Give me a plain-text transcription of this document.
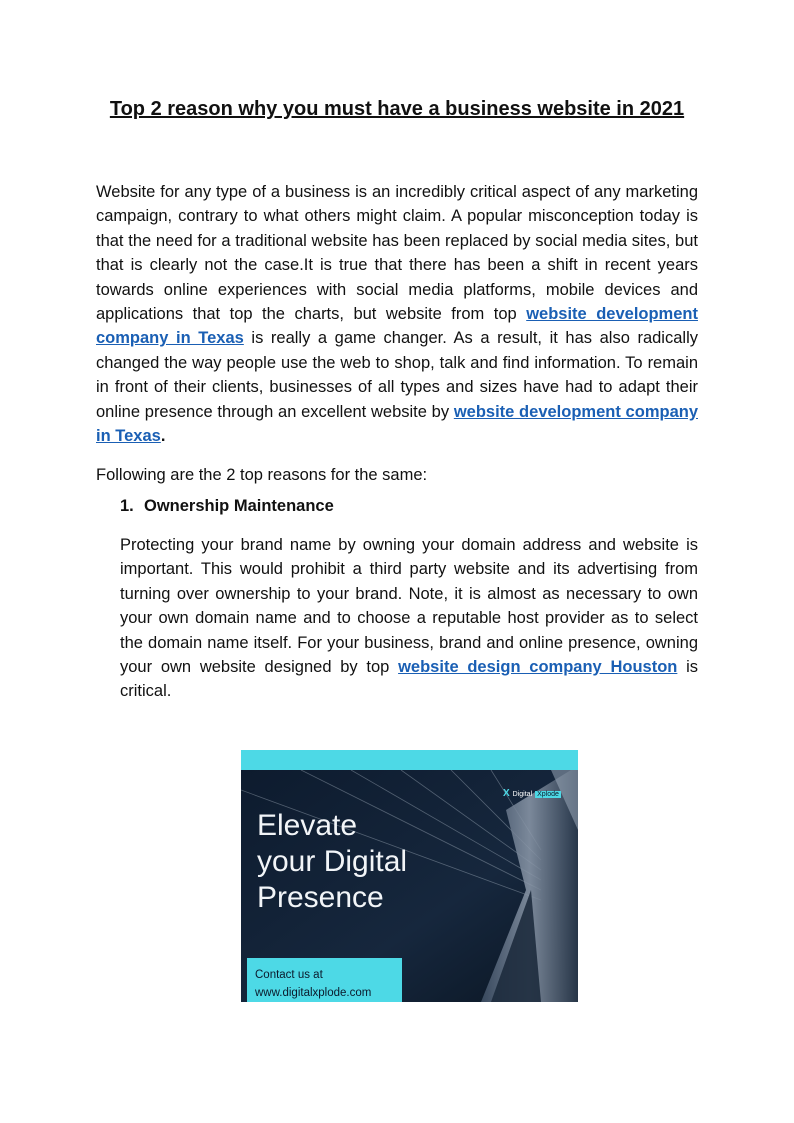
Top 2 reason why you must have a business website in 2021

Website for any type of a business is an incredibly critical aspect of any marketing campaign, contrary to what others might claim. A popular misconception today is that the need for a traditional website has been replaced by social media sites, but that is clearly not the case.It is true that there has been a shift in recent years towards online experiences with social media platforms, mobile devices and applications that top the charts, but website from top website development company in Texas is really a game changer. As a result, it has also radically changed the way people use the web to shop, talk and find information. To remain in front of their clients, businesses of all types and sizes have had to adapt their online presence through an excellent website by website development company in Texas.

Following are the 2 top reasons for the same:

1. Ownership Maintenance

Protecting your brand name by owning your domain address and website is important. This would prohibit a third party website and its advertising from turning over ownership to your brand. Note, it is almost as necessary to own your own domain name and to choose a reputable host provider as to select the domain name itself. For your business, brand and online presence, owning your own website designed by top website design company Houston is critical.

X Digital Xplode
Elevate
your Digital
Presence
Contact us at
www.digitalxplode.com
